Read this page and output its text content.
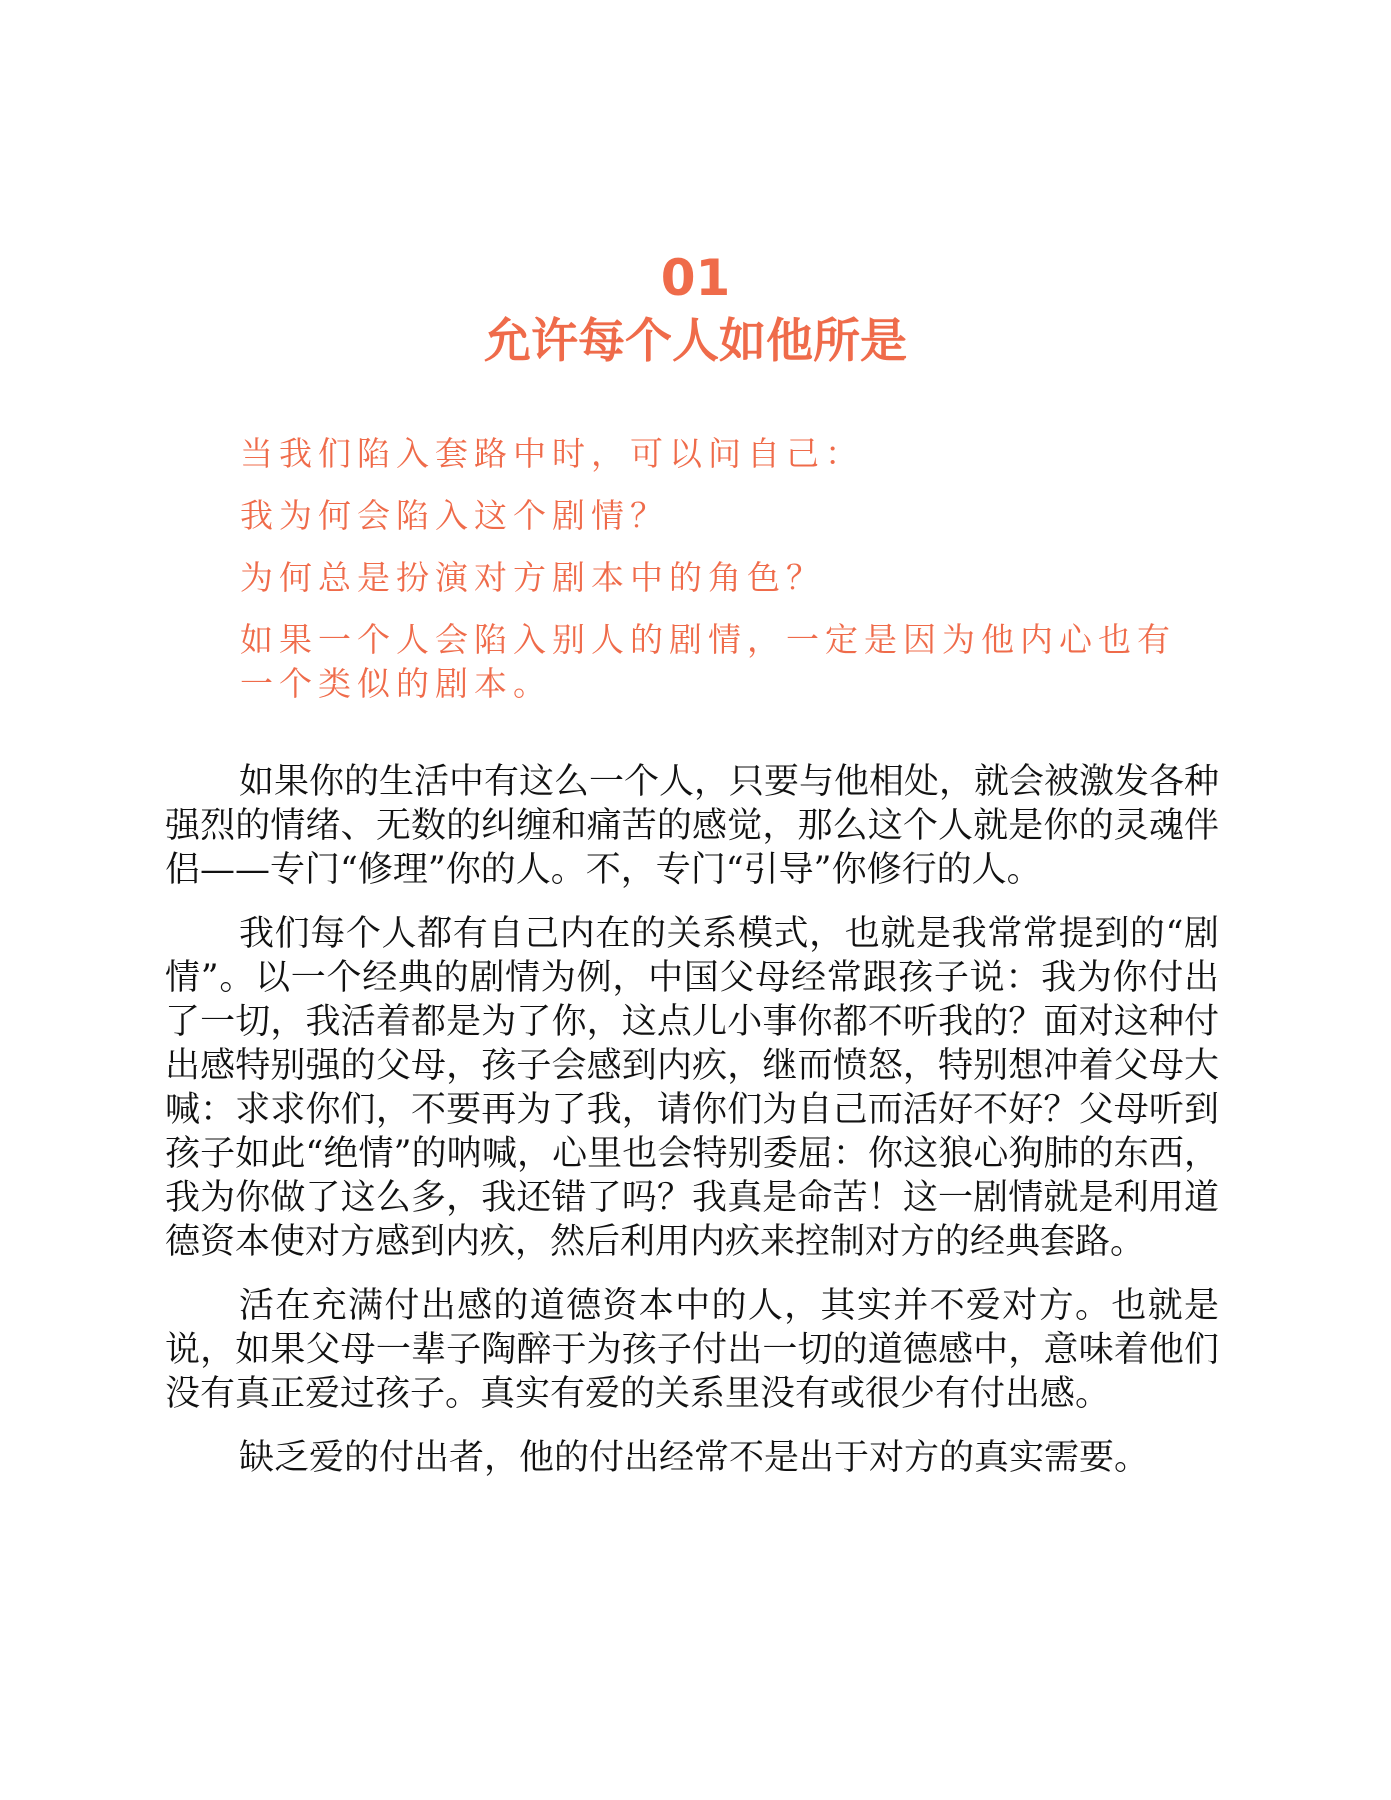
01
允许每个人如他所是

当我们陷入套路中时，可以问自己：

我为何会陷入这个剧情？

为何总是扮演对方剧本中的角色？

如果一个人会陷入别人的剧情，一定是因为他内心也有一个类似的剧本。

如果你的生活中有这么一个人，只要与他相处，就会被激发各种强烈的情绪、无数的纠缠和痛苦的感觉，那么这个人就是你的灵魂伴侣——专门“修理”你的人。不，专门“引导”你修行的人。

我们每个人都有自己内在的关系模式，也就是我常常提到的“剧情”。以一个经典的剧情为例，中国父母经常跟孩子说：我为你付出了一切，我活着都是为了你，这点儿小事你都不听我的？面对这种付出感特别强的父母，孩子会感到内疚，继而愤怒，特别想冲着父母大喊：求求你们，不要再为了我，请你们为自己而活好不好？父母听到孩子如此“绝情”的呐喊，心里也会特别委屈：你这狼心狗肺的东西，我为你做了这么多，我还错了吗？我真是命苦！这一剧情就是利用道德资本使对方感到内疚，然后利用内疚来控制对方的经典套路。

活在充满付出感的道德资本中的人，其实并不爱对方。也就是说，如果父母一辈子陶醉于为孩子付出一切的道德感中，意味着他们没有真正爱过孩子。真实有爱的关系里没有或很少有付出感。

缺乏爱的付出者，他的付出经常不是出于对方的真实需要。
